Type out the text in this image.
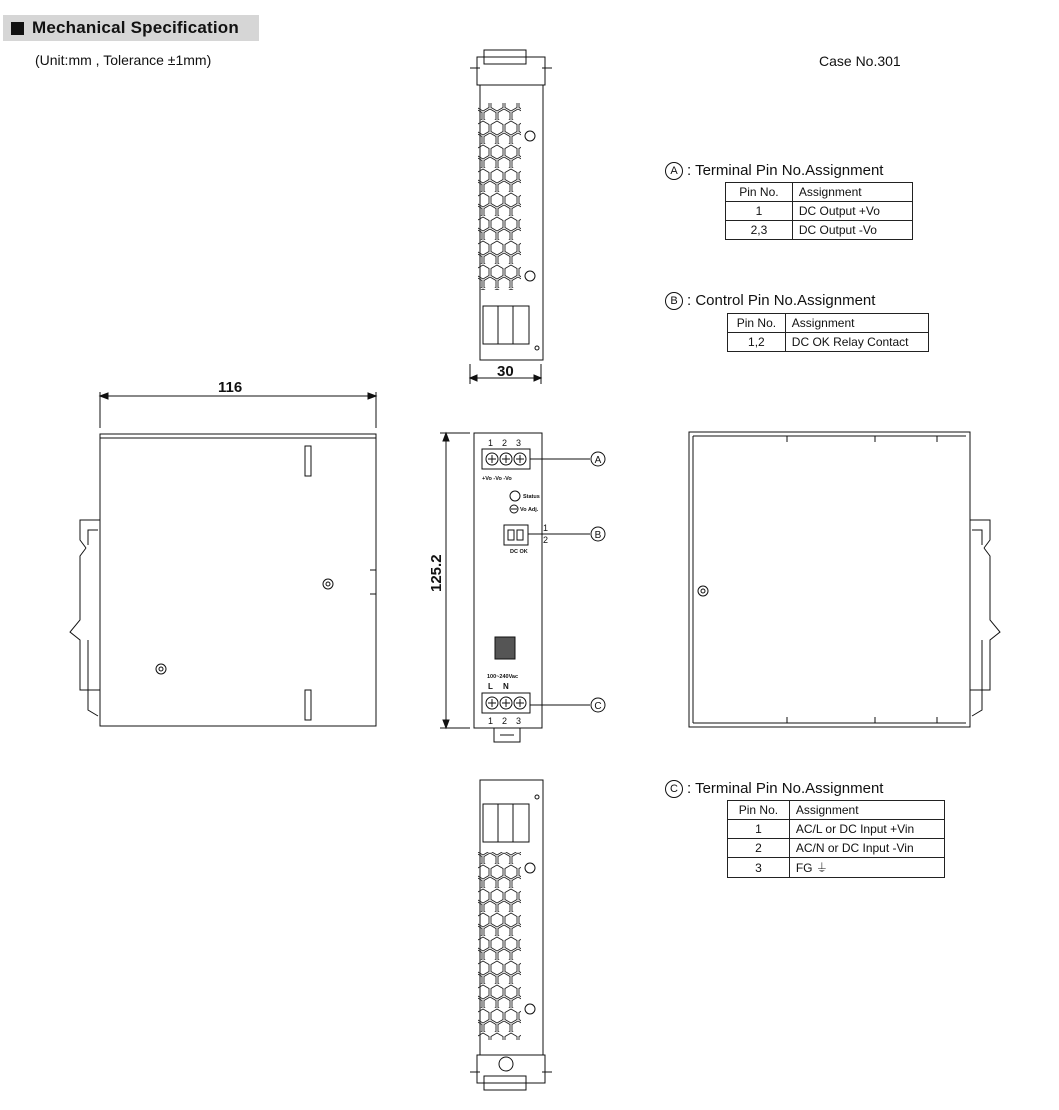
Mechanical Specification
(Unit:mm , Tolerance ±1mm)	Case No.301
1 2 3
+Vo -Vo -Vo
Status
Vo Adj.
DC OK
1
2
100~240Vac
L N
1 2 3
A
B
C
116
30
125.2
A : Terminal Pin No.Assignment
Pin No.	Assignment
1	DC Output +Vo
2,3	DC Output -Vo
B : Control Pin No.Assignment
Pin No.	Assignment
1,2	DC OK Relay Contact
C : Terminal Pin No.Assignment
Pin No.	Assignment
1	AC/L or DC Input +Vin
2	AC/N or DC Input -Vin
3	FG ⏚
